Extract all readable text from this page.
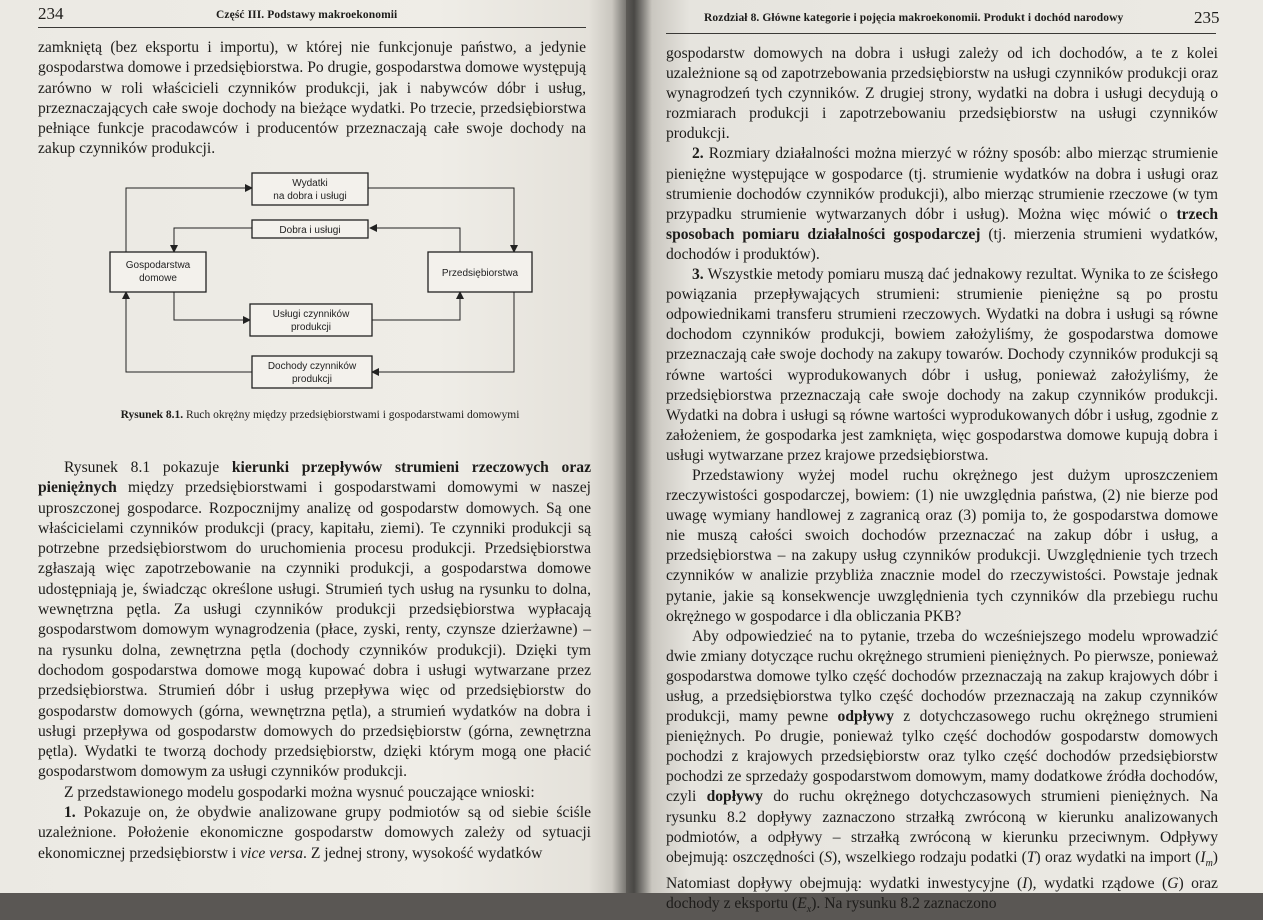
234	Część III. Podstawy makroekonomii

zamkniętą (bez eksportu i importu), w której nie funkcjonuje państwo, a jedynie gospodarstwa domowe i przedsiębiorstwa. Po drugie, gospodarstwa domowe występują zarówno w roli właścicieli czynników produkcji, jak i nabywców dóbr i usług, przeznaczających całe swoje dochody na bieżące wydatki. Po trzecie, przedsiębiorstwa pełniące funkcje pracodawców i producentów przeznaczają całe swoje dochody na zakup czynników produkcji.

Wydatki
na dobra i usługi
Dobra i usługi
Gospodarstwa
domowe	Przedsiębiorstwa
Usługi czynników
produkcji
Dochody czynników
produkcji
Rysunek 8.1. Ruch okrężny między przedsiębiorstwami i gospodarstwami domowymi

Rysunek 8.1 pokazuje kierunki przepływów strumieni rzeczowych oraz pieniężnych między przedsiębiorstwami i gospodarstwami domowymi w naszej uproszczonej gospodarce. Rozpocznijmy analizę od gospodarstw domowych. Są one właścicielami czynników produkcji (pracy, kapitału, ziemi). Te czynniki produkcji są potrzebne przedsiębiorstwom do uruchomienia procesu produkcji. Przedsiębiorstwa zgłaszają więc zapotrzebowanie na czynniki produkcji, a gospodarstwa domowe udostępniają je, świadcząc określone usługi. Strumień tych usług na rysunku to dolna, wewnętrzna pętla. Za usługi czynników produkcji przedsiębiorstwa wypłacają gospodarstwom domowym wynagrodzenia (płace, zyski, renty, czynsze dzierżawne) – na rysunku dolna, zewnętrzna pętla (dochody czynników produkcji). Dzięki tym dochodom gospodarstwa domowe mogą kupować dobra i usługi wytwarzane przez przedsiębiorstwa. Strumień dóbr i usług przepływa więc od przedsiębiorstw do gospodarstw domowych (górna, wewnętrzna pętla), a strumień wydatków na dobra i usługi przepływa od gospodarstw domowych do przedsiębiorstw (górna, zewnętrzna pętla). Wydatki te tworzą dochody przedsiębiorstw, dzięki którym mogą one płacić gospodarstwom domowym za usługi czynników produkcji.

Z przedstawionego modelu gospodarki można wysnuć pouczające wnioski:

1. Pokazuje on, że obydwie analizowane grupy podmiotów są od siebie ściśle uzależnione. Położenie ekonomiczne gospodarstw domowych zależy od sytuacji ekonomicznej przedsiębiorstw i vice versa. Z jednej strony, wysokość wydatków

Rozdział 8. Główne kategorie i pojęcia makroekonomii. Produkt i dochód narodowy	235

gospodarstw domowych na dobra i usługi zależy od ich dochodów, a te z kolei uzależnione są od zapotrzebowania przedsiębiorstw na usługi czynników produkcji oraz wynagrodzeń tych czynników. Z drugiej strony, wydatki na dobra i usługi decydują o rozmiarach produkcji i zapotrzebowaniu przedsiębiorstw na usługi czynników produkcji.

2. Rozmiary działalności można mierzyć w różny sposób: albo mierząc strumienie pieniężne występujące w gospodarce (tj. strumienie wydatków na dobra i usługi oraz strumienie dochodów czynników produkcji), albo mierząc strumienie rzeczowe (w tym przypadku strumienie wytwarzanych dóbr i usług). Można więc mówić o trzech sposobach pomiaru działalności gospodarczej (tj. mierzenia strumieni wydatków, dochodów i produktów).

3. Wszystkie metody pomiaru muszą dać jednakowy rezultat. Wynika to ze ścisłego powiązania przepływających strumieni: strumienie pieniężne są po prostu odpowiednikami transferu strumieni rzeczowych. Wydatki na dobra i usługi są równe dochodom czynników produkcji, bowiem założyliśmy, że gospodarstwa domowe przeznaczają całe swoje dochody na zakupy towarów. Dochody czynników produkcji są równe wartości wyprodukowanych dóbr i usług, ponieważ założyliśmy, że przedsiębiorstwa przeznaczają całe swoje dochody na zakup czynników produkcji. Wydatki na dobra i usługi są równe wartości wyprodukowanych dóbr i usług, zgodnie z założeniem, że gospodarka jest zamknięta, więc gospodarstwa domowe kupują dobra i usługi wytwarzane przez krajowe przedsiębiorstwa.

Przedstawiony wyżej model ruchu okrężnego jest dużym uproszczeniem rzeczywistości gospodarczej, bowiem: (1) nie uwzględnia państwa, (2) nie bierze pod uwagę wymiany handlowej z zagranicą oraz (3) pomija to, że gospodarstwa domowe nie muszą całości swoich dochodów przeznaczać na zakup dóbr i usług, a przedsiębiorstwa – na zakupy usług czynników produkcji. Uwzględnienie tych trzech czynników w analizie przybliża znacznie model do rzeczywistości. Powstaje jednak pytanie, jakie są konsekwencje uwzględnienia tych czynników dla przebiegu ruchu okrężnego w gospodarce i dla obliczania PKB?

Aby odpowiedzieć na to pytanie, trzeba do wcześniejszego modelu wprowadzić dwie zmiany dotyczące ruchu okrężnego strumieni pieniężnych. Po pierwsze, ponieważ gospodarstwa domowe tylko część dochodów przeznaczają na zakup krajowych dóbr i usług, a przedsiębiorstwa tylko część dochodów przeznaczają na zakup czynników produkcji, mamy pewne odpływy z dotychczasowego ruchu okrężnego strumieni pieniężnych. Po drugie, ponieważ tylko część dochodów gospodarstw domowych pochodzi z krajowych przedsiębiorstw oraz tylko część dochodów przedsiębiorstw pochodzi ze sprzedaży gospodarstwom domowym, mamy dodatkowe źródła dochodów, czyli dopływy do ruchu okrężnego dotychczasowych strumieni pieniężnych. Na rysunku 8.2 dopływy zaznaczono strzałką zwróconą w kierunku analizowanych podmiotów, a odpływy – strzałką zwróconą w kierunku przeciwnym. Odpływy obejmują: oszczędności (S), wszelkiego rodzaju podatki (T) oraz wydatki na import $(I_m)$ Natomiast dopływy obejmują: wydatki inwestycyjne (I), wydatki rządowe (G) oraz dochody z eksportu $(E_x)$. Na rysunku 8.2 zaznaczono
